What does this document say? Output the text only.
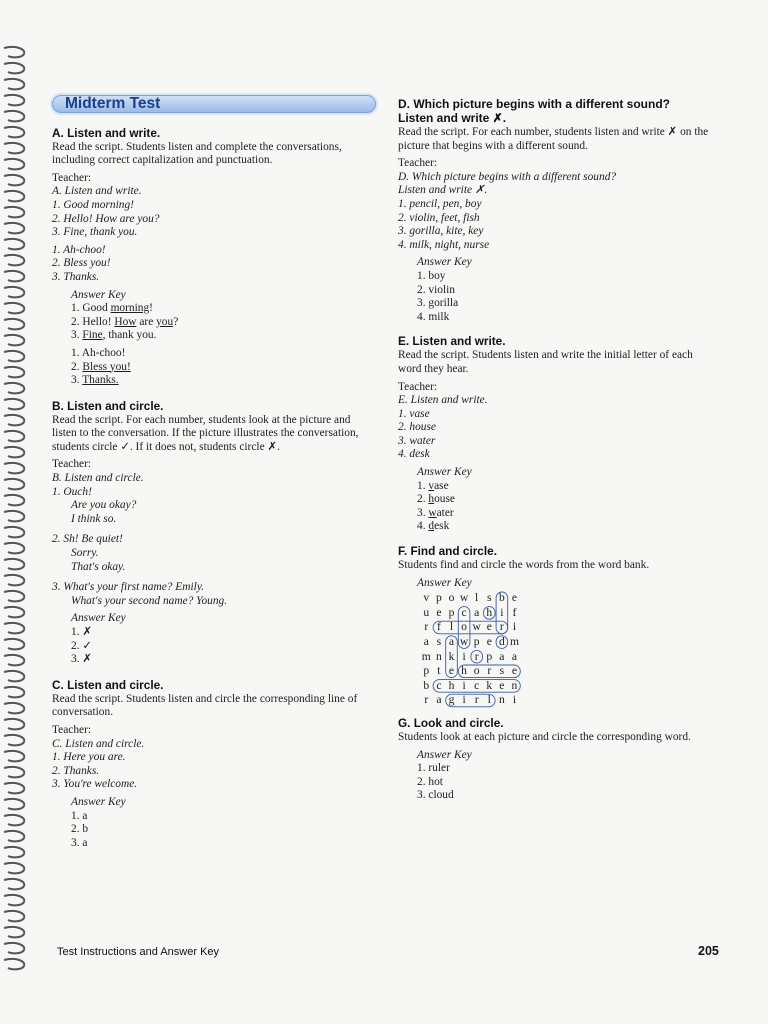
Midterm Test
A. Listen and write.

Read the script. Students listen and complete the conversations, including correct capitalization and punctuation.

Teacher:

A. Listen and write.

1. Good morning!

2. Hello! How are you?

3. Fine, thank you.

1. Ah-choo!

2. Bless you!

3. Thanks.

Answer Key

1. Good morning!

2. Hello! How are you?

3. Fine, thank you.

1. Ah-choo!

2. Bless you!

3. Thanks.

B. Listen and circle.

Read the script. For each number, students look at the picture and listen to the conversation. If the picture illustrates the conversation, students circle ✓. If it does not, students circle ✗.

Teacher:

B. Listen and circle.

1. Ouch!

Are you okay?

I think so.

2. Sh! Be quiet!

Sorry.

That's okay.

3. What's your first name? Emily.

What's your second name? Young.

Answer Key

1. ✗

2. ✓

3. ✗

C. Listen and circle.

Read the script. Students listen and circle the corresponding line of conversation.

Teacher:

C. Listen and circle.

1. Here you are.

2. Thanks.

3. You're welcome.

Answer Key

1. a

2. b

3. a

D. Which picture begins with a different sound?
Listen and write ✗.

Read the script. For each number, students listen and write ✗ on the picture that begins with a different sound.

Teacher:

D. Which picture begins with a different sound?

Listen and write ✗.

1. pencil, pen, boy

2. violin, feet, fish

3. gorilla, kite, key

4. milk, night, nurse

Answer Key

1. boy

2. violin

3. gorilla

4. milk

E. Listen and write.

Read the script. Students listen and write the initial letter of each word they hear.

Teacher:

E. Listen and write.

1. vase

2. house

3. water

4. desk

Answer Key

1. vase

2. house

3. water

4. desk

F. Find and circle.

Students find and circle the words from the word bank.

Answer Key

v p o w l s b e
u e p c a h i f
r f l o w e r i
a s a w p e d m
m n k i r p a a
p t e h o r s e
b c h i c k e n
r a g i r l n i
G. Look and circle.

Students look at each picture and circle the corresponding word.

Answer Key

1. ruler

2. hot

3. cloud

Test Instructions and Answer Key	205
